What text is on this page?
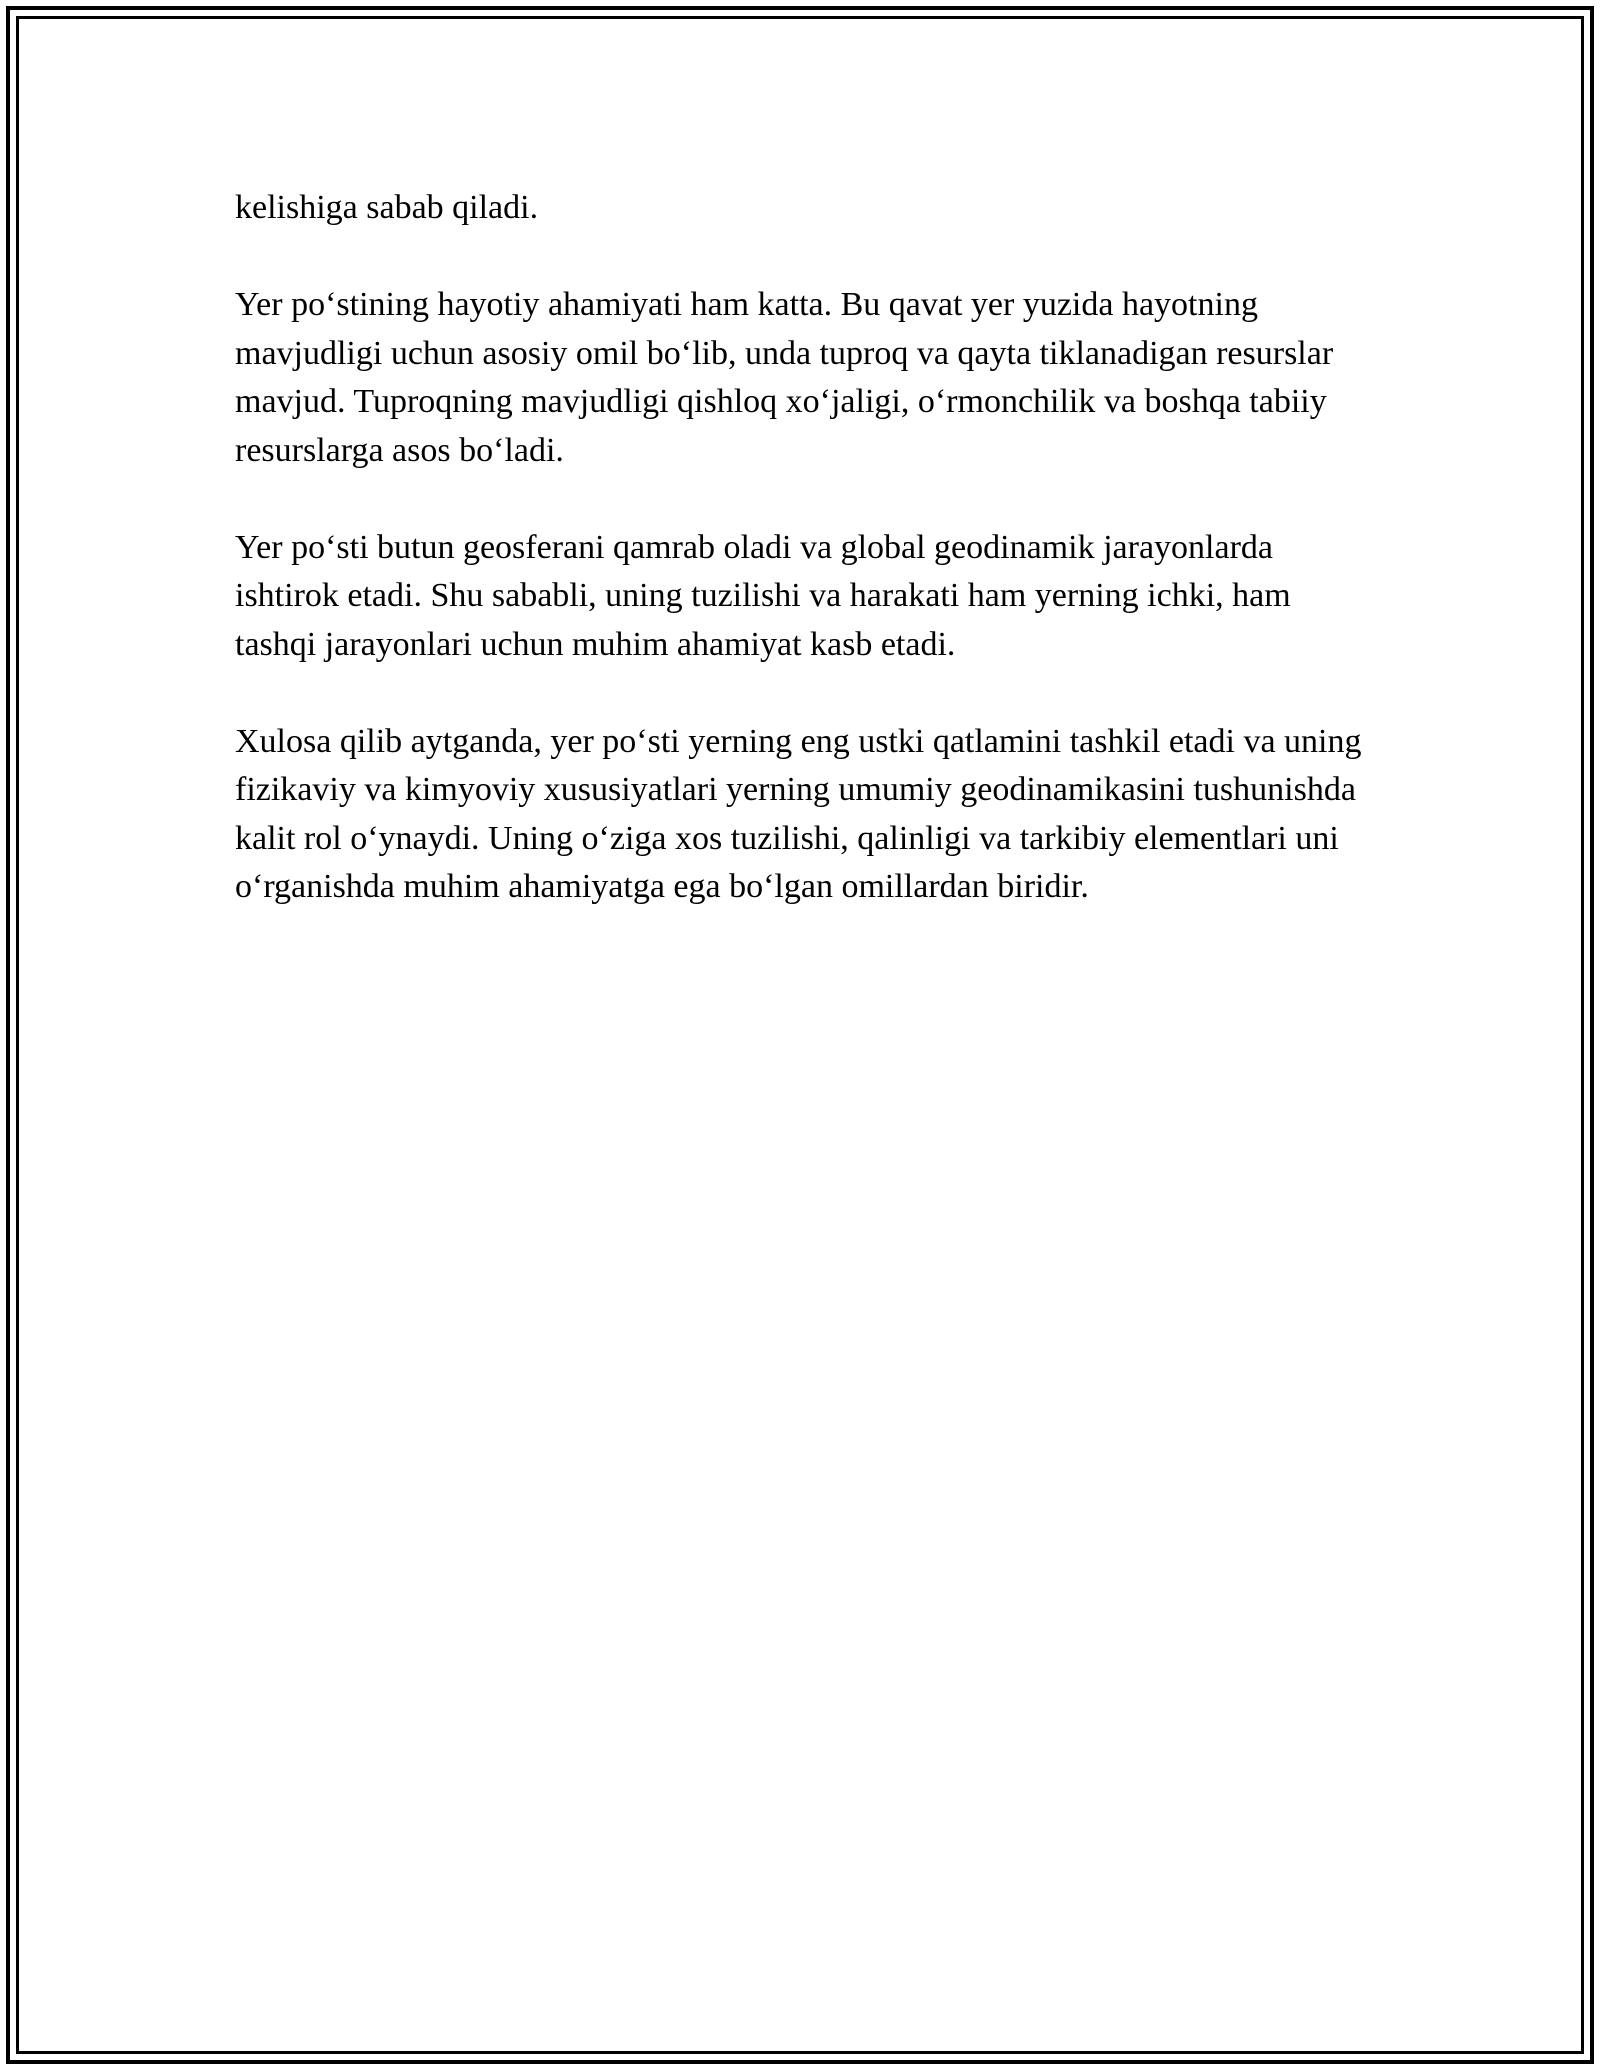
kelishiga sabab qiladi.

Yer po‘stining hayotiy ahamiyati ham katta. Bu qavat yer yuzida hayotning mavjudligi uchun asosiy omil bo‘lib, unda tuproq va qayta tiklanadigan resurslar mavjud. Tuproqning mavjudligi qishloq xo‘jaligi, o‘rmonchilik va boshqa tabiiy resurslarga asos bo‘ladi.

Yer po‘sti butun geosferani qamrab oladi va global geodinamik jarayonlarda ishtirok etadi. Shu sababli, uning tuzilishi va harakati ham yerning ichki, ham tashqi jarayonlari uchun muhim ahamiyat kasb etadi.

Xulosa qilib aytganda, yer po‘sti yerning eng ustki qatlamini tashkil etadi va uning fizikaviy va kimyoviy xususiyatlari yerning umumiy geodinamikasini tushunishda kalit rol o‘ynaydi. Uning o‘ziga xos tuzilishi, qalinligi va tarkibiy elementlari uni o‘rganishda muhim ahamiyatga ega bo‘lgan omillardan biridir.
